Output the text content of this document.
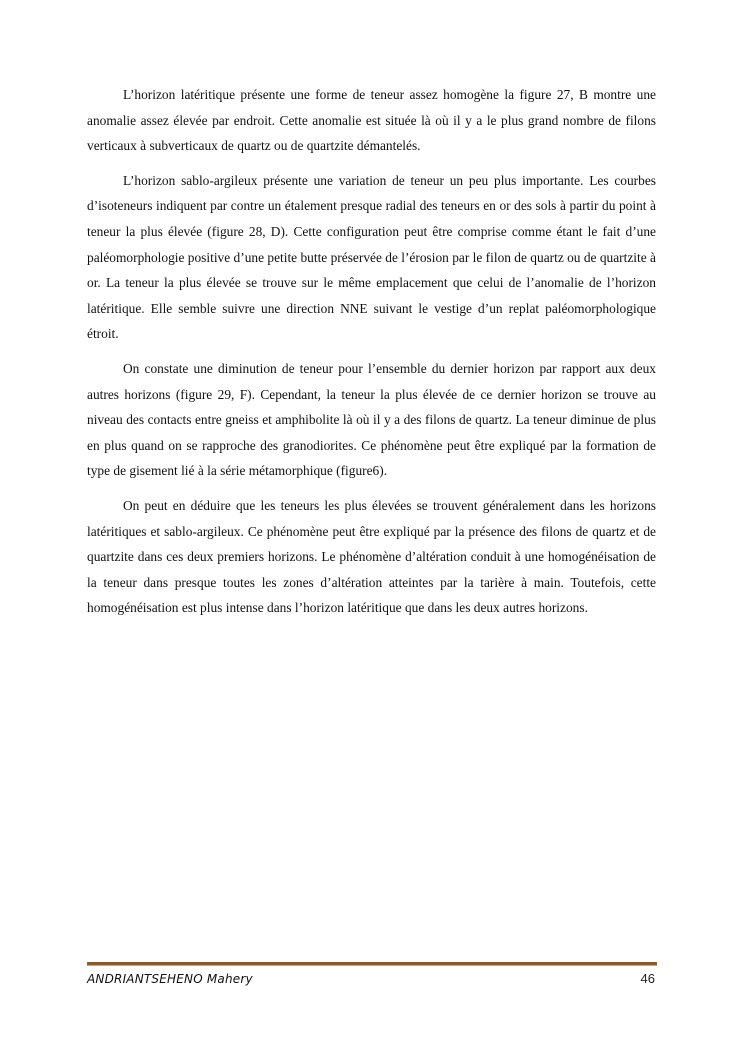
L’horizon latéritique présente une forme de teneur assez homogène la figure 27, B montre une anomalie assez élevée par endroit. Cette anomalie est située là où il y a le plus grand nombre de filons verticaux à subverticaux de quartz ou de quartzite démantelés.

L’horizon sablo-argileux présente une variation de teneur un peu plus importante. Les courbes d’isoteneurs indiquent par contre un étalement presque radial des teneurs en or des sols à partir du point à teneur la plus élevée (figure 28, D). Cette configuration peut être comprise comme étant le fait d’une paléomorphologie positive d’une petite butte préservée de l’érosion par le filon de quartz ou de quartzite à or. La teneur la plus élevée se trouve sur le même emplacement que celui de l’anomalie de l’horizon latéritique. Elle semble suivre une direction NNE suivant le vestige d’un replat paléomorphologique étroit.

On constate une diminution de teneur pour l’ensemble du dernier horizon par rapport aux deux autres horizons (figure 29, F). Cependant, la teneur la plus élevée de ce dernier horizon se trouve au niveau des contacts entre gneiss et amphibolite là où il y a des filons de quartz. La teneur diminue de plus en plus quand on se rapproche des granodiorites. Ce phénomène peut être expliqué par la formation de type de gisement lié à la série métamorphique (figure6).

On peut en déduire que les teneurs les plus élevées se trouvent généralement dans les horizons latéritiques et sablo-argileux. Ce phénomène peut être expliqué par la présence des filons de quartz et de quartzite dans ces deux premiers horizons. Le phénomène d’altération conduit à une homogénéisation de la teneur dans presque toutes les zones d’altération atteintes par la tarière à main. Toutefois, cette homogénéisation est plus intense dans l’horizon latéritique que dans les deux autres horizons.

ANDRIANTSEHENO Mahery	46
